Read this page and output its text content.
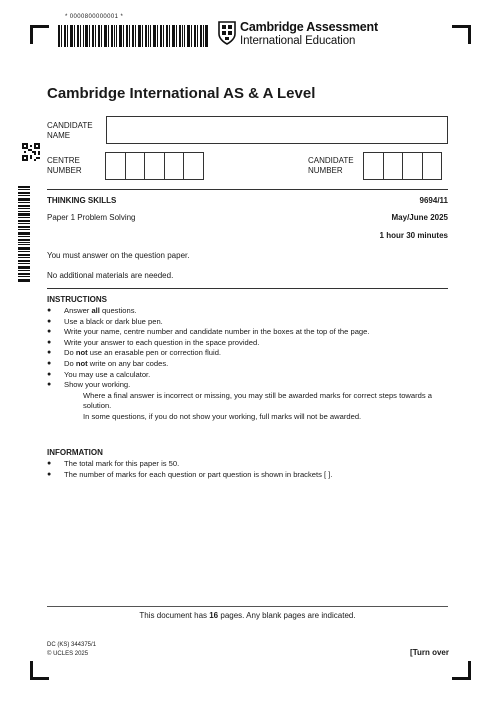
* 0000800000001 *
Cambridge Assessment
International Education
Cambridge International AS & A Level
CANDIDATE
NAME
CENTRE
NUMBER
CANDIDATE
NUMBER
THINKING SKILLS	9694/11
Paper 1 Problem Solving	May/June 2025
1 hour 30 minutes
You must answer on the question paper.
No additional materials are needed.
INSTRUCTIONS
● Answer all questions.
● Use a black or dark blue pen.
● Write your name, centre number and candidate number in the boxes at the top of the page.
● Write your answer to each question in the space provided.
● Do not use an erasable pen or correction fluid.
● Do not write on any bar codes.
● You may use a calculator.
● Show your working.
Where a final answer is incorrect or missing, you may still be awarded marks for correct steps towards a solution.
In some questions, if you do not show your working, full marks will not be awarded.
INFORMATION
● The total mark for this paper is 50.
● The number of marks for each question or part question is shown in brackets [ ].
This document has 16 pages. Any blank pages are indicated.
DC (KS) 344375/1
© UCLES 2025	[Turn over
